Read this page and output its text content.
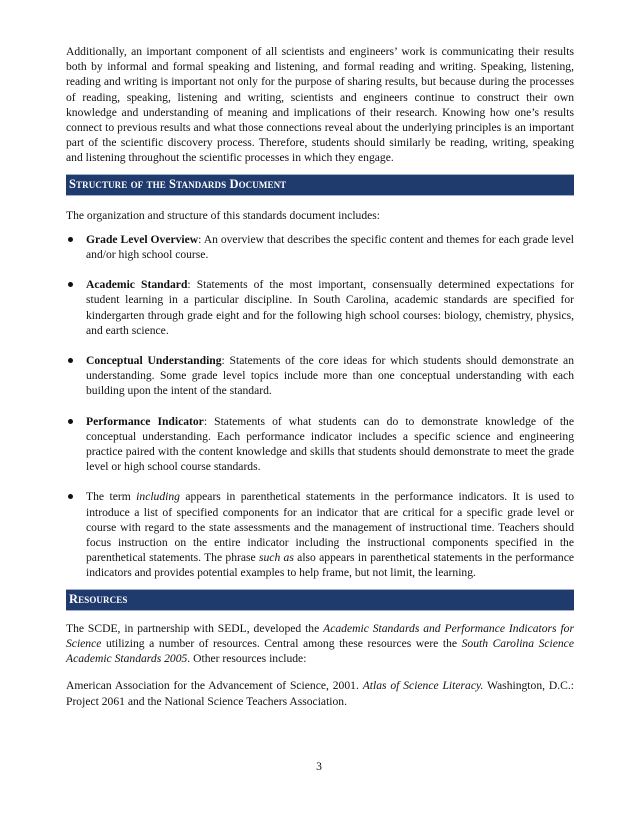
Additionally, an important component of all scientists and engineers’ work is communicating their results both by informal and formal speaking and listening, and formal reading and writing. Speaking, listening, reading and writing is important not only for the purpose of sharing results, but because during the processes of reading, speaking, listening and writing, scientists and engineers continue to construct their own knowledge and understanding of meaning and implications of their research. Knowing how one’s results connect to previous results and what those connections reveal about the underlying principles is an important part of the scientific discovery process. Therefore, students should similarly be reading, writing, speaking and listening throughout the scientific processes in which they engage.

Structure of the Standards Document

The organization and structure of this standards document includes:

Grade Level Overview: An overview that describes the specific content and themes for each grade level and/or high school course.

Academic Standard: Statements of the most important, consensually determined expectations for student learning in a particular discipline. In South Carolina, academic standards are specified for kindergarten through grade eight and for the following high school courses: biology, chemistry, physics, and earth science.

Conceptual Understanding: Statements of the core ideas for which students should demonstrate an understanding. Some grade level topics include more than one conceptual understanding with each building upon the intent of the standard.

Performance Indicator: Statements of what students can do to demonstrate knowledge of the conceptual understanding. Each performance indicator includes a specific science and engineering practice paired with the content knowledge and skills that students should demonstrate to meet the grade level or high school course standards.

The term including appears in parenthetical statements in the performance indicators. It is used to introduce a list of specified components for an indicator that are critical for a specific grade level or course with regard to the state assessments and the management of instructional time. Teachers should focus instruction on the entire indicator including the instructional components specified in the parenthetical statements. The phrase such as also appears in parenthetical statements in the performance indicators and provides potential examples to help frame, but not limit, the learning.

Resources

The SCDE, in partnership with SEDL, developed the Academic Standards and Performance Indicators for Science utilizing a number of resources. Central among these resources were the South Carolina Science Academic Standards 2005. Other resources include:

American Association for the Advancement of Science, 2001. Atlas of Science Literacy. Washington, D.C.: Project 2061 and the National Science Teachers Association.

3
